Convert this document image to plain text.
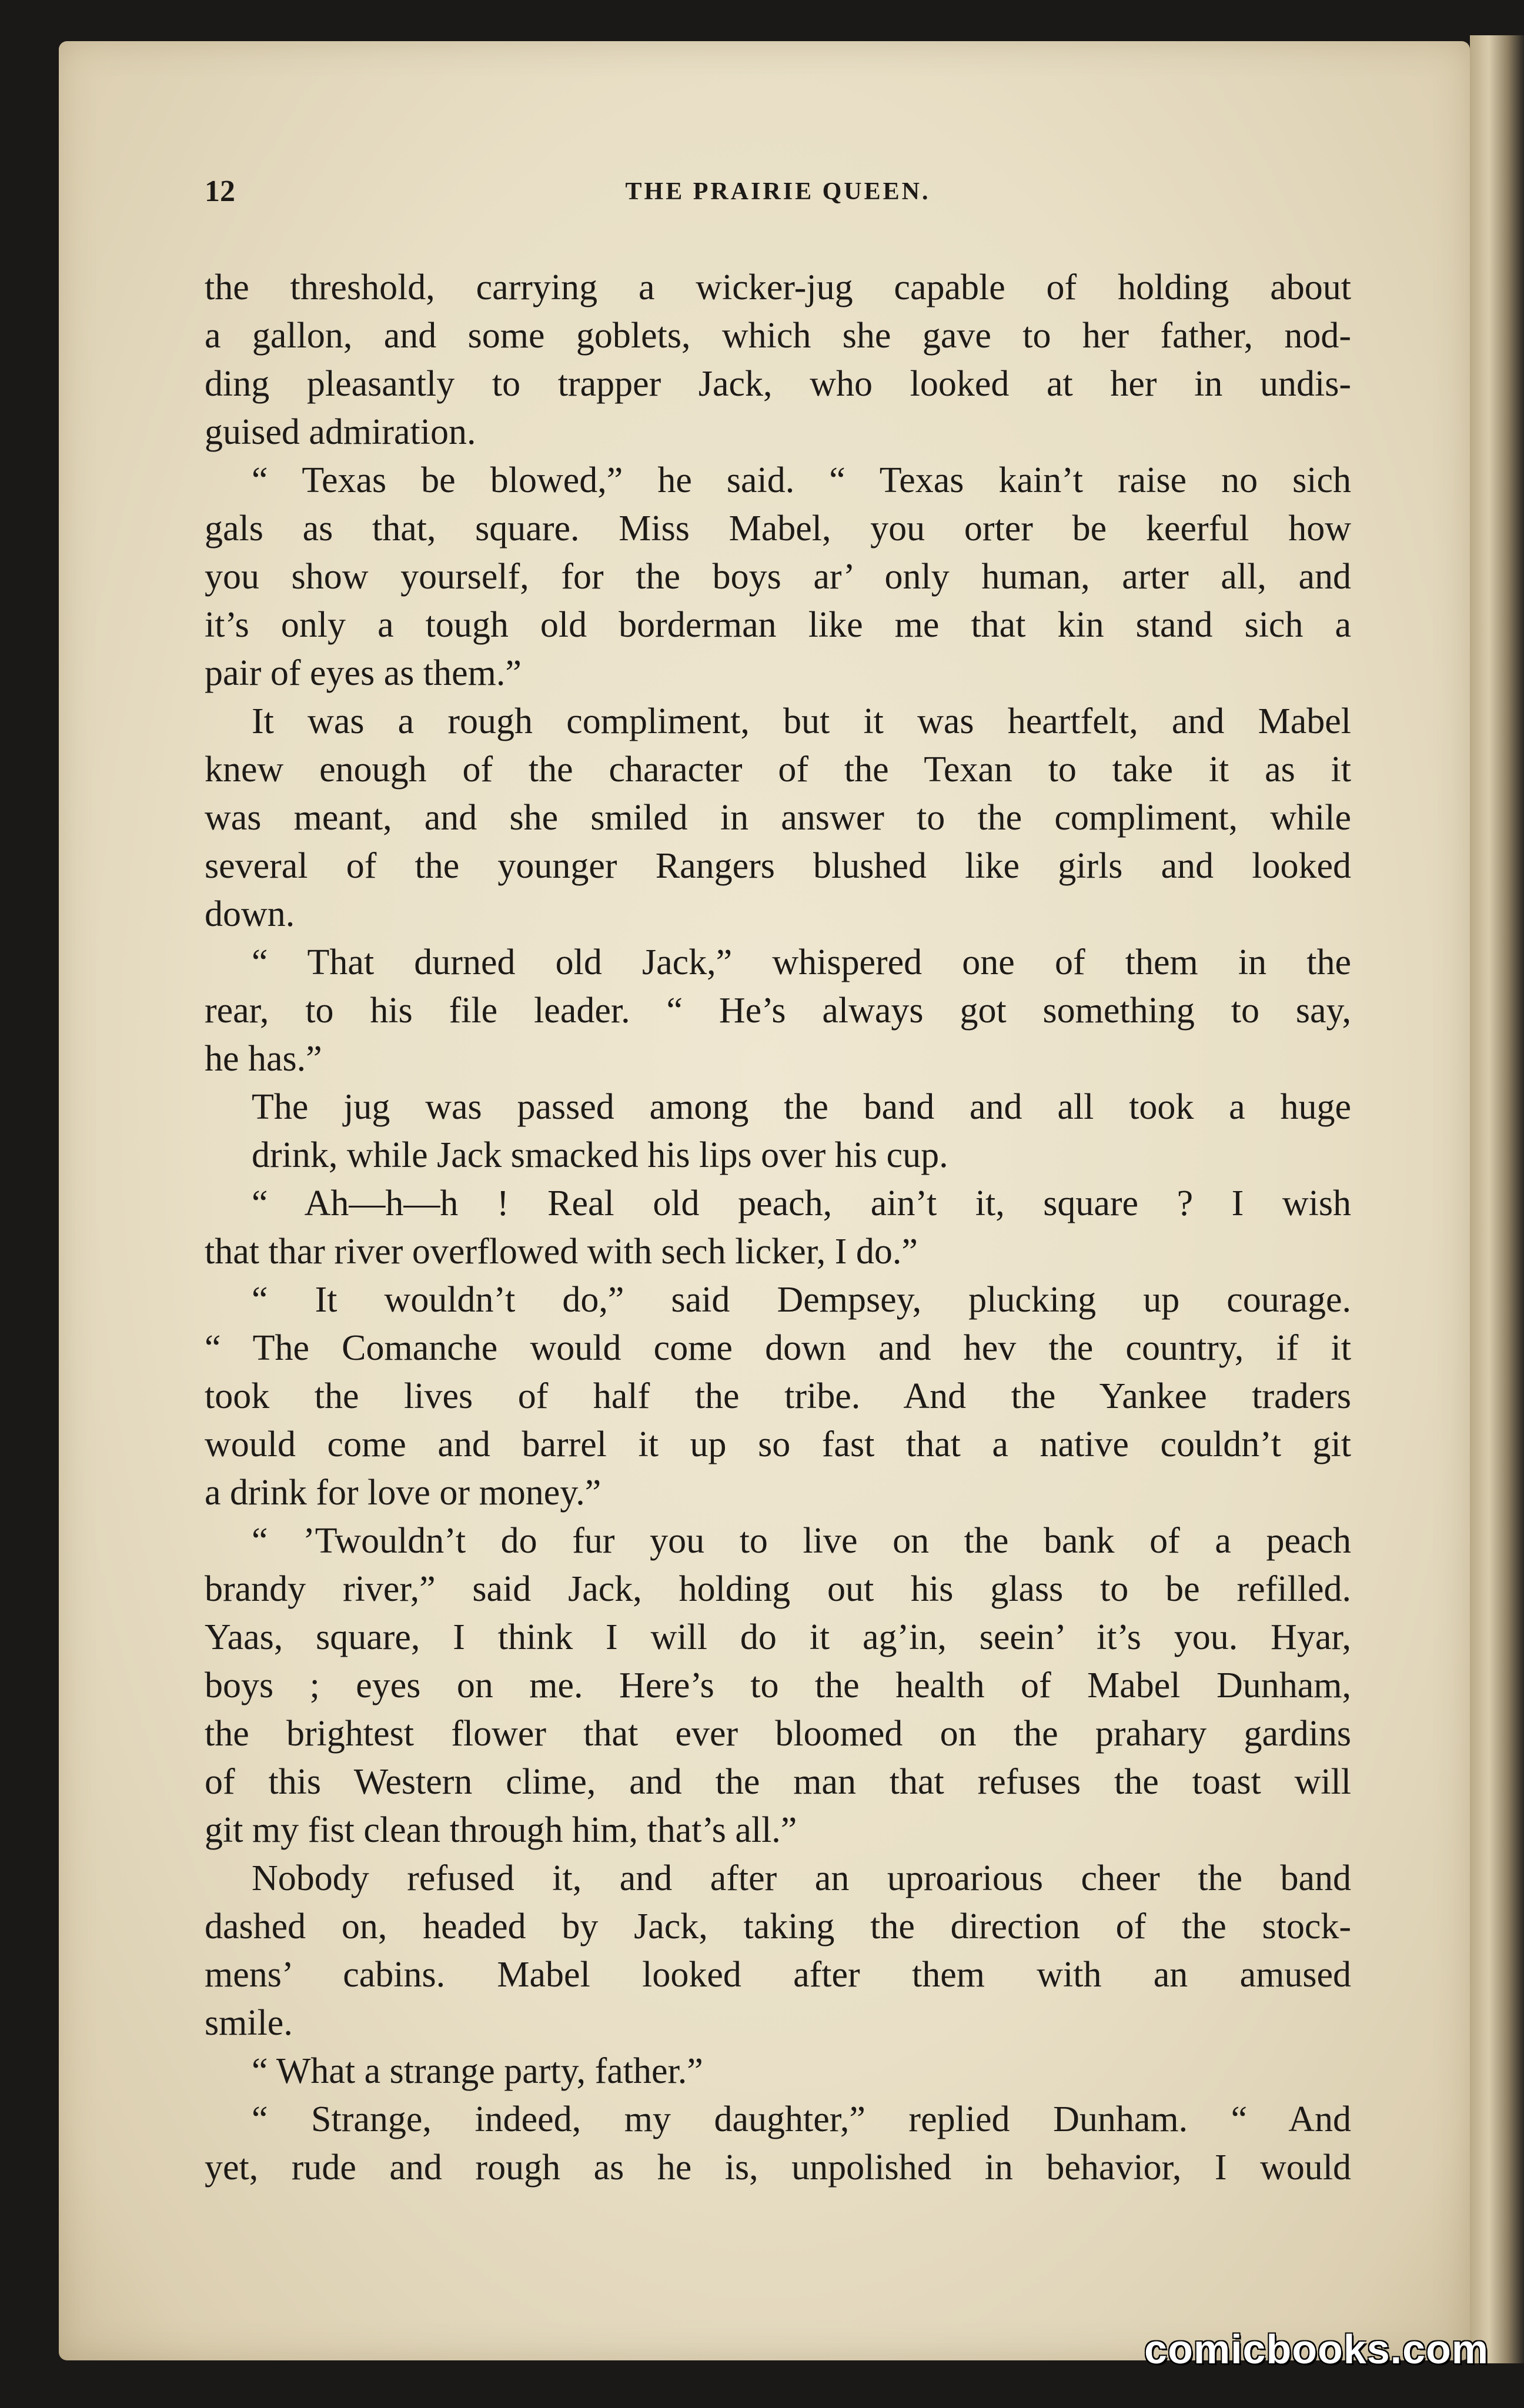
12	THE PRAIRIE QUEEN.
the threshold, carrying a wicker-jug capable of holding about
a gallon, and some goblets, which she gave to her father, nod-
ding pleasantly to trapper Jack, who looked at her in undis-
guised admiration.
“ Texas be blowed,” he said. “ Texas kain’t raise no sich
gals as that, square. Miss Mabel, you orter be keerful how
you show yourself, for the boys ar’ only human, arter all, and
it’s only a tough old borderman like me that kin stand sich a
pair of eyes as them.”
It was a rough compliment, but it was heartfelt, and Mabel
knew enough of the character of the Texan to take it as it
was meant, and she smiled in answer to the compliment, while
several of the younger Rangers blushed like girls and looked
down.
“ That durned old Jack,” whispered one of them in the
rear, to his file leader. “ He’s always got something to say,
he has.”
The jug was passed among the band and all took a huge
drink, while Jack smacked his lips over his cup.
“ Ah—h—h ! Real old peach, ain’t it, square ? I wish
that thar river overflowed with sech licker, I do.”
“ It wouldn’t do,” said Dempsey, plucking up courage.
“ The Comanche would come down and hev the country, if it
took the lives of half the tribe. And the Yankee traders
would come and barrel it up so fast that a native couldn’t git
a drink for love or money.”
“ ’Twouldn’t do fur you to live on the bank of a peach
brandy river,” said Jack, holding out his glass to be refilled.
Yaas, square, I think I will do it ag’in, seein’ it’s you. Hyar,
boys ; eyes on me. Here’s to the health of Mabel Dunham,
the brightest flower that ever bloomed on the prahary gardins
of this Western clime, and the man that refuses the toast will
git my fist clean through him, that’s all.”
Nobody refused it, and after an uproarious cheer the band
dashed on, headed by Jack, taking the direction of the stock-
mens’ cabins. Mabel looked after them with an amused
smile.
“ What a strange party, father.”
“ Strange, indeed, my daughter,” replied Dunham. “ And
yet, rude and rough as he is, unpolished in behavior, I would
comicbooks.com
